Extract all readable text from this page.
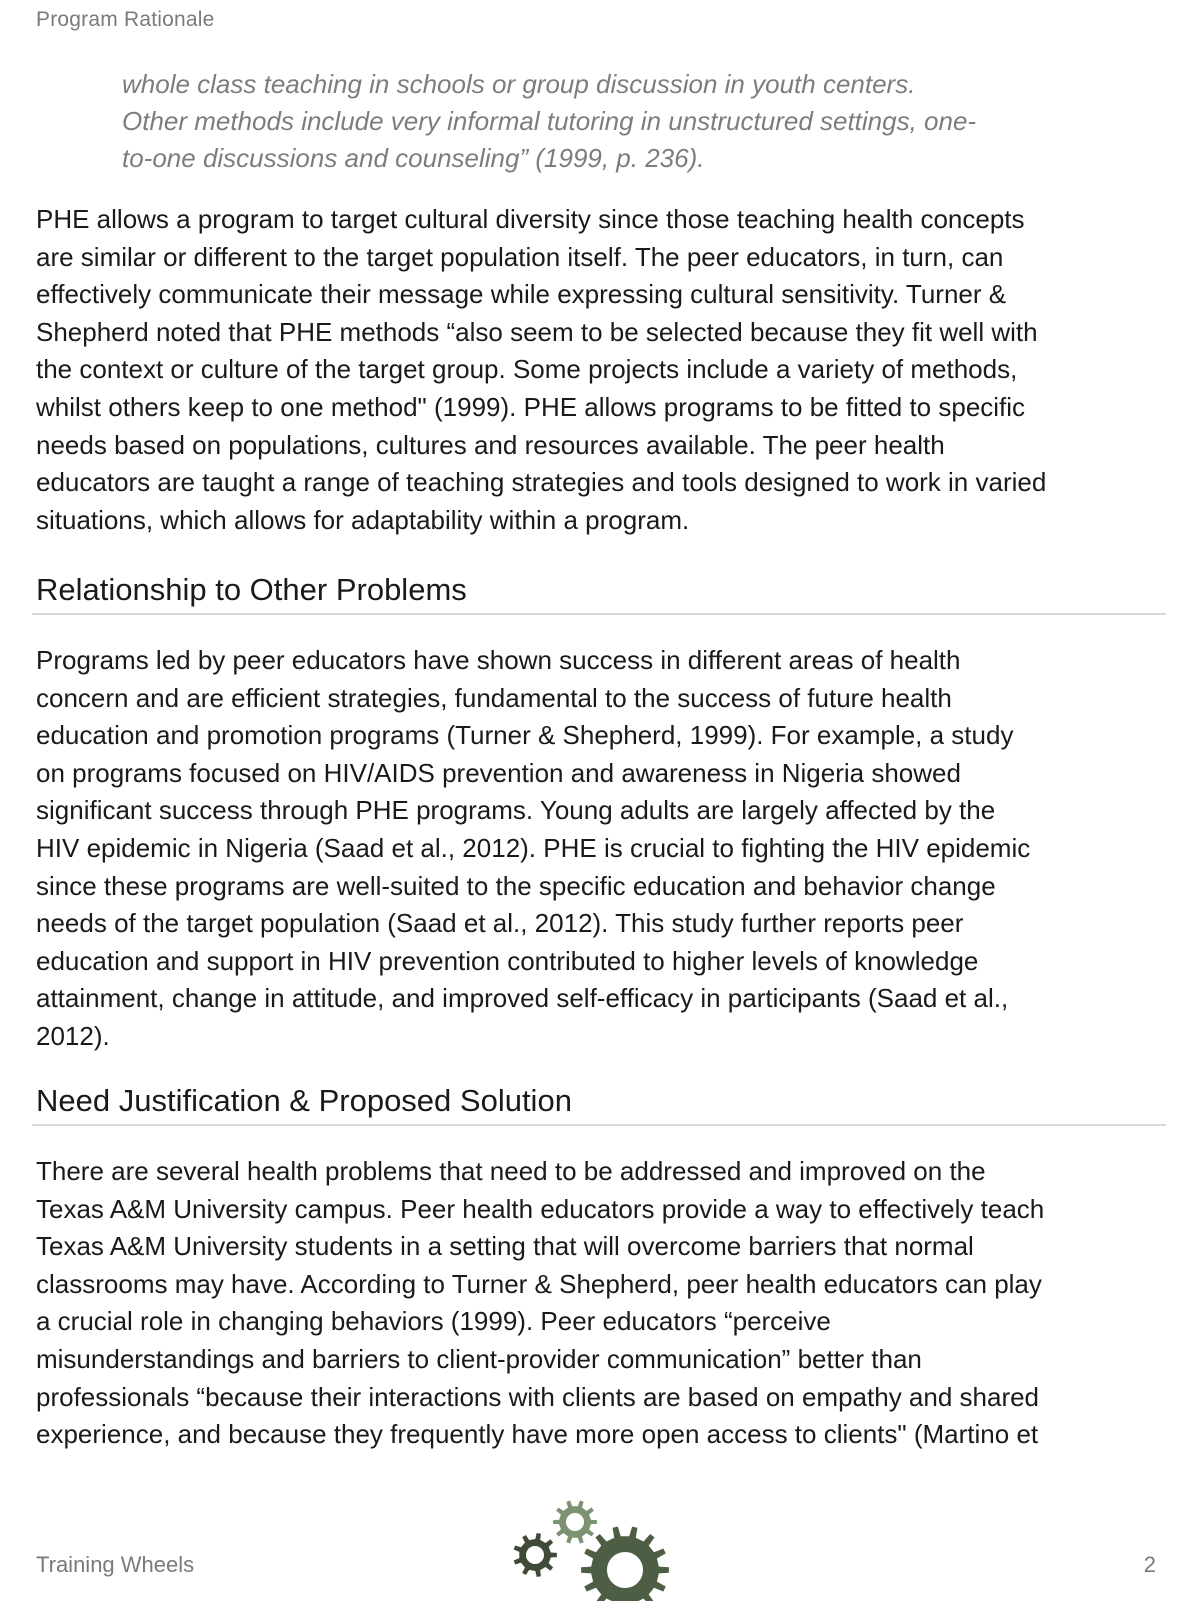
Program Rationale
whole class teaching in schools or group discussion in youth centers.
Other methods include very informal tutoring in unstructured settings, one-
to-one discussions and counseling” (1999, p. 236).
PHE allows a program to target cultural diversity since those teaching health concepts
are similar or different to the target population itself. The peer educators, in turn, can
effectively communicate their message while expressing cultural sensitivity. Turner &
Shepherd noted that PHE methods “also seem to be selected because they fit well with
the context or culture of the target group. Some projects include a variety of methods,
whilst others keep to one method" (1999). PHE allows programs to be fitted to specific
needs based on populations, cultures and resources available. The peer health
educators are taught a range of teaching strategies and tools designed to work in varied
situations, which allows for adaptability within a program.
Relationship to Other Problems
Programs led by peer educators have shown success in different areas of health
concern and are efficient strategies, fundamental to the success of future health
education and promotion programs (Turner & Shepherd, 1999). For example, a study
on programs focused on HIV/AIDS prevention and awareness in Nigeria showed
significant success through PHE programs. Young adults are largely affected by the
HIV epidemic in Nigeria (Saad et al., 2012). PHE is crucial to fighting the HIV epidemic
since these programs are well-suited to the specific education and behavior change
needs of the target population (Saad et al., 2012). This study further reports peer
education and support in HIV prevention contributed to higher levels of knowledge
attainment, change in attitude, and improved self-efficacy in participants (Saad et al.,
2012).
Need Justification & Proposed Solution
There are several health problems that need to be addressed and improved on the
Texas A&M University campus. Peer health educators provide a way to effectively teach
Texas A&M University students in a setting that will overcome barriers that normal
classrooms may have. According to Turner & Shepherd, peer health educators can play
a crucial role in changing behaviors (1999). Peer educators “perceive
misunderstandings and barriers to client-provider communication” better than
professionals “because their interactions with clients are based on empathy and shared
experience, and because they frequently have more open access to clients" (Martino et
Training Wheels	2
